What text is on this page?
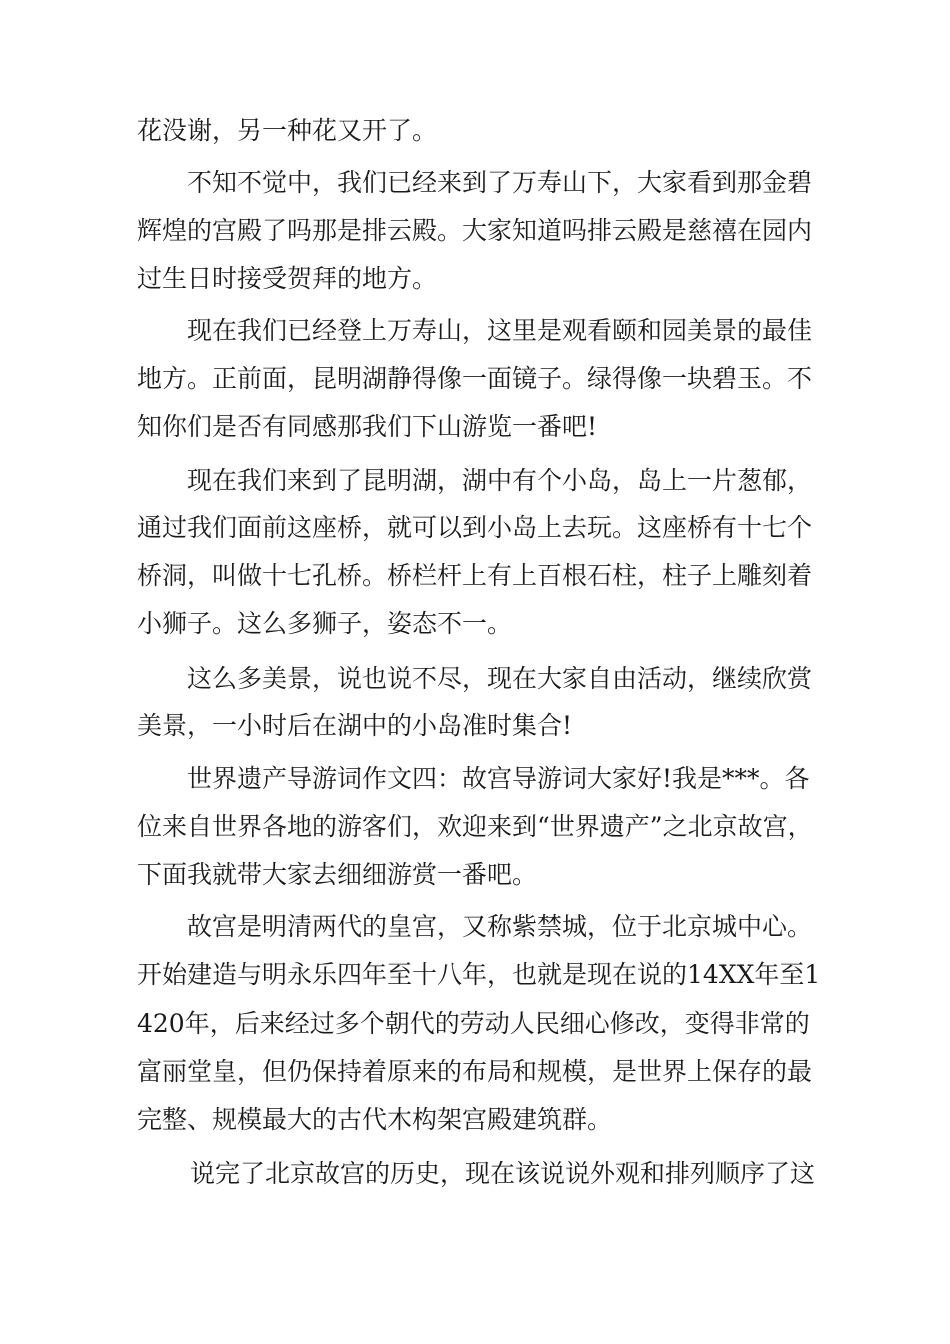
花没谢，另一种花又开了。
不知不觉中，我们已经来到了万寿山下，大家看到那金碧
辉煌的宫殿了吗那是排云殿。大家知道吗排云殿是慈禧在园内
过生日时接受贺拜的地方。
现在我们已经登上万寿山，这里是观看颐和园美景的最佳
地方。正前面，昆明湖静得像一面镜子。绿得像一块碧玉。不
知你们是否有同感那我们下山游览一番吧!
现在我们来到了昆明湖，湖中有个小岛，岛上一片葱郁，
通过我们面前这座桥，就可以到小岛上去玩。这座桥有十七个
桥洞，叫做十七孔桥。桥栏杆上有上百根石柱，柱子上雕刻着
小狮子。这么多狮子，姿态不一。
这么多美景，说也说不尽，现在大家自由活动，继续欣赏
美景，一小时后在湖中的小岛准时集合!
世界遗产导游词作文四：故宫导游词大家好!我是***。各
位来自世界各地的游客们，欢迎来到“世界遗产”之北京故宫，
下面我就带大家去细细游赏一番吧。
故宫是明清两代的皇宫，又称紫禁城，位于北京城中心。
开始建造与明永乐四年至十八年，也就是现在说的14XX年至1
420年，后来经过多个朝代的劳动人民细心修改，变得非常的
富丽堂皇，但仍保持着原来的布局和规模，是世界上保存的最
完整、规模最大的古代木构架宫殿建筑群。
说完了北京故宫的历史，现在该说说外观和排列顺序了这
